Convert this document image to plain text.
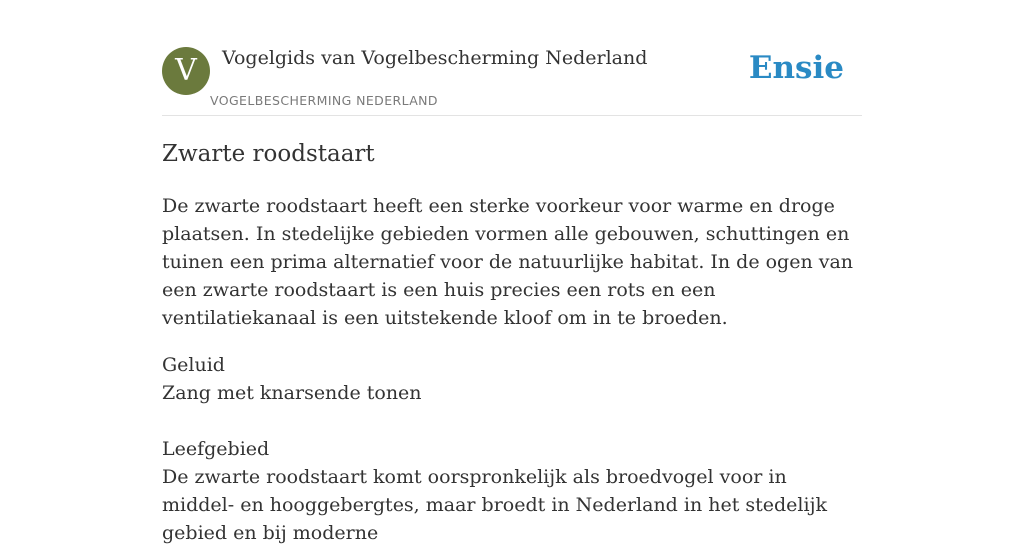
V	Vogelgids van Vogelbescherming Nederland
VOGELBESCHERMING NEDERLAND
Ensie
Zwarte roodstaart

De zwarte roodstaart heeft een sterke voorkeur voor warme en droge plaatsen. In stedelijke gebieden vormen alle gebouwen, schuttingen en tuinen een prima alternatief voor de natuurlijke habitat. In de ogen van een zwarte roodstaart is een huis precies een rots en een ventilatiekanaal is een uitstekende kloof om in te broeden.

Geluid
Zang met knarsende tonen
Leefgebied
De zwarte roodstaart komt oorspronkelijk als broedvogel voor in middel- en hooggebergtes, maar broedt in Nederland in het stedelijk gebied en bij moderne
